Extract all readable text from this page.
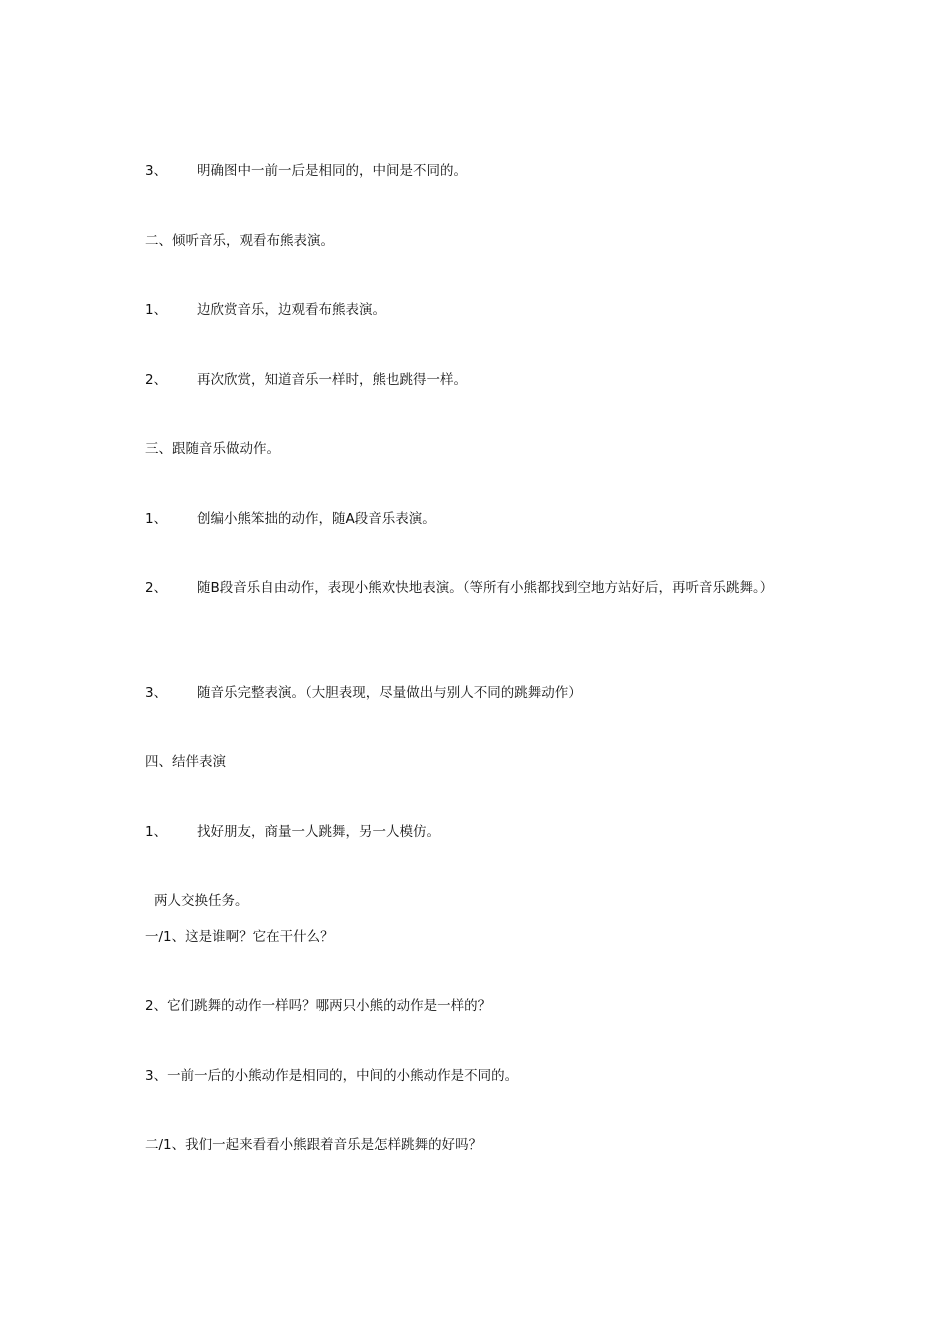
3、 明确图中一前一后是相同的，中间是不同的。
二、倾听音乐，观看布熊表演。
1、 边欣赏音乐，边观看布熊表演。
2、 再次欣赏，知道音乐一样时，熊也跳得一样。
三、跟随音乐做动作。
1、 创编小熊笨拙的动作，随A段音乐表演。
2、 随B段音乐自由动作，表现小熊欢快地表演。（等所有小熊都找到空地方站好后，再听音乐跳舞。）
3、 随音乐完整表演。（大胆表现，尽量做出与别人不同的跳舞动作）
四、结伴表演
1、 找好朋友，商量一人跳舞，另一人模仿。
两人交换任务。
一/1、这是谁啊？它在干什么？
2、它们跳舞的动作一样吗？哪两只小熊的动作是一样的？
3、一前一后的小熊动作是相同的，中间的小熊动作是不同的。
二/1、我们一起来看看小熊跟着音乐是怎样跳舞的好吗？
